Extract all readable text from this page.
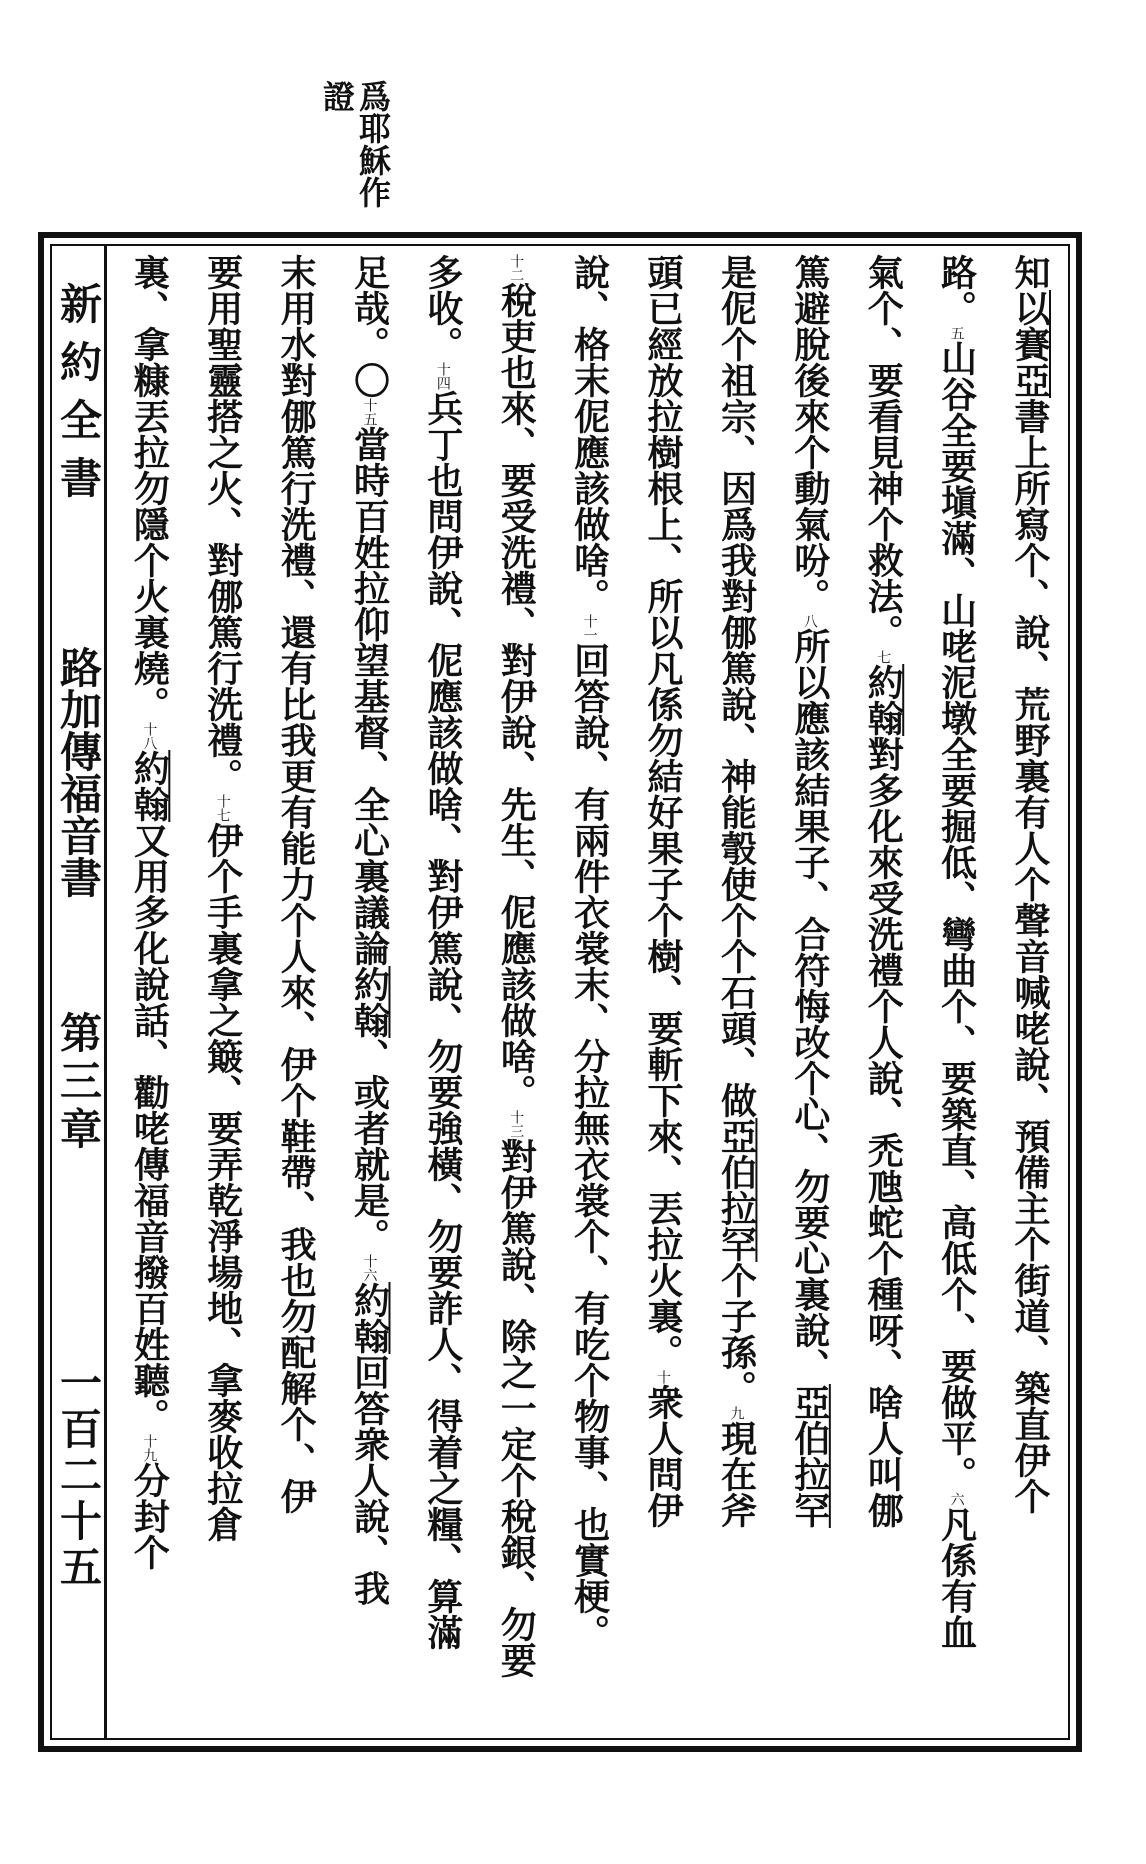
爲耶穌作
證
新約全書
路加傳福音書
第三章
一百二十五
知以賽亞書上所寫个、說、荒野裏有人个聲音喊咾說、預備主个街道、築直伊个
路。五山谷全要塡滿、山咾泥墩全要掘低、彎曲个、要築直、高低个、要做平。六凡係有血
氣个、要看見神个救法。七約翰對多化來受洗禮个人說、禿虺蛇个種呀、啥人叫㑚
篤避脫後來个動氣吩。八所以應該結果子、合符悔改个心、勿要心裏說、亞伯拉罕
是伲个祖宗、因爲我對㑚篤說、神能彀使个个石頭、做亞伯拉罕个子孫。九現在斧
頭已經放拉樹根上、所以凡係勿結好果子个樹、要斬下來、丟拉火裏。十衆人問伊
說、格末伲應該做啥。十一回答說、有兩件衣裳末、分拉無衣裳个、有吃个物事、也實梗。
十二稅吏也來、要受洗禮、對伊說、先生、伲應該做啥。十三對伊篤說、除之一定个稅銀、勿要
多收。十四兵丁也問伊說、伲應該做啥、對伊篤說、勿要強橫、勿要詐人、得着之糧、算滿
足哉。〇十五當時百姓拉仰望基督、全心裏議論約翰、或者就是。十六約翰回答衆人說、我
末用水對㑚篤行洗禮、還有比我更有能力个人來、伊个鞋帶、我也勿配解个、伊
要用聖靈搭之火、對㑚篤行洗禮。十七伊个手裏拿之簸、要弄乾淨場地、拿麥收拉倉
裏、拿糠丟拉勿隱个火裏燒。十八約翰又用多化說話、勸咾傳福音撥百姓聽。十九分封个
